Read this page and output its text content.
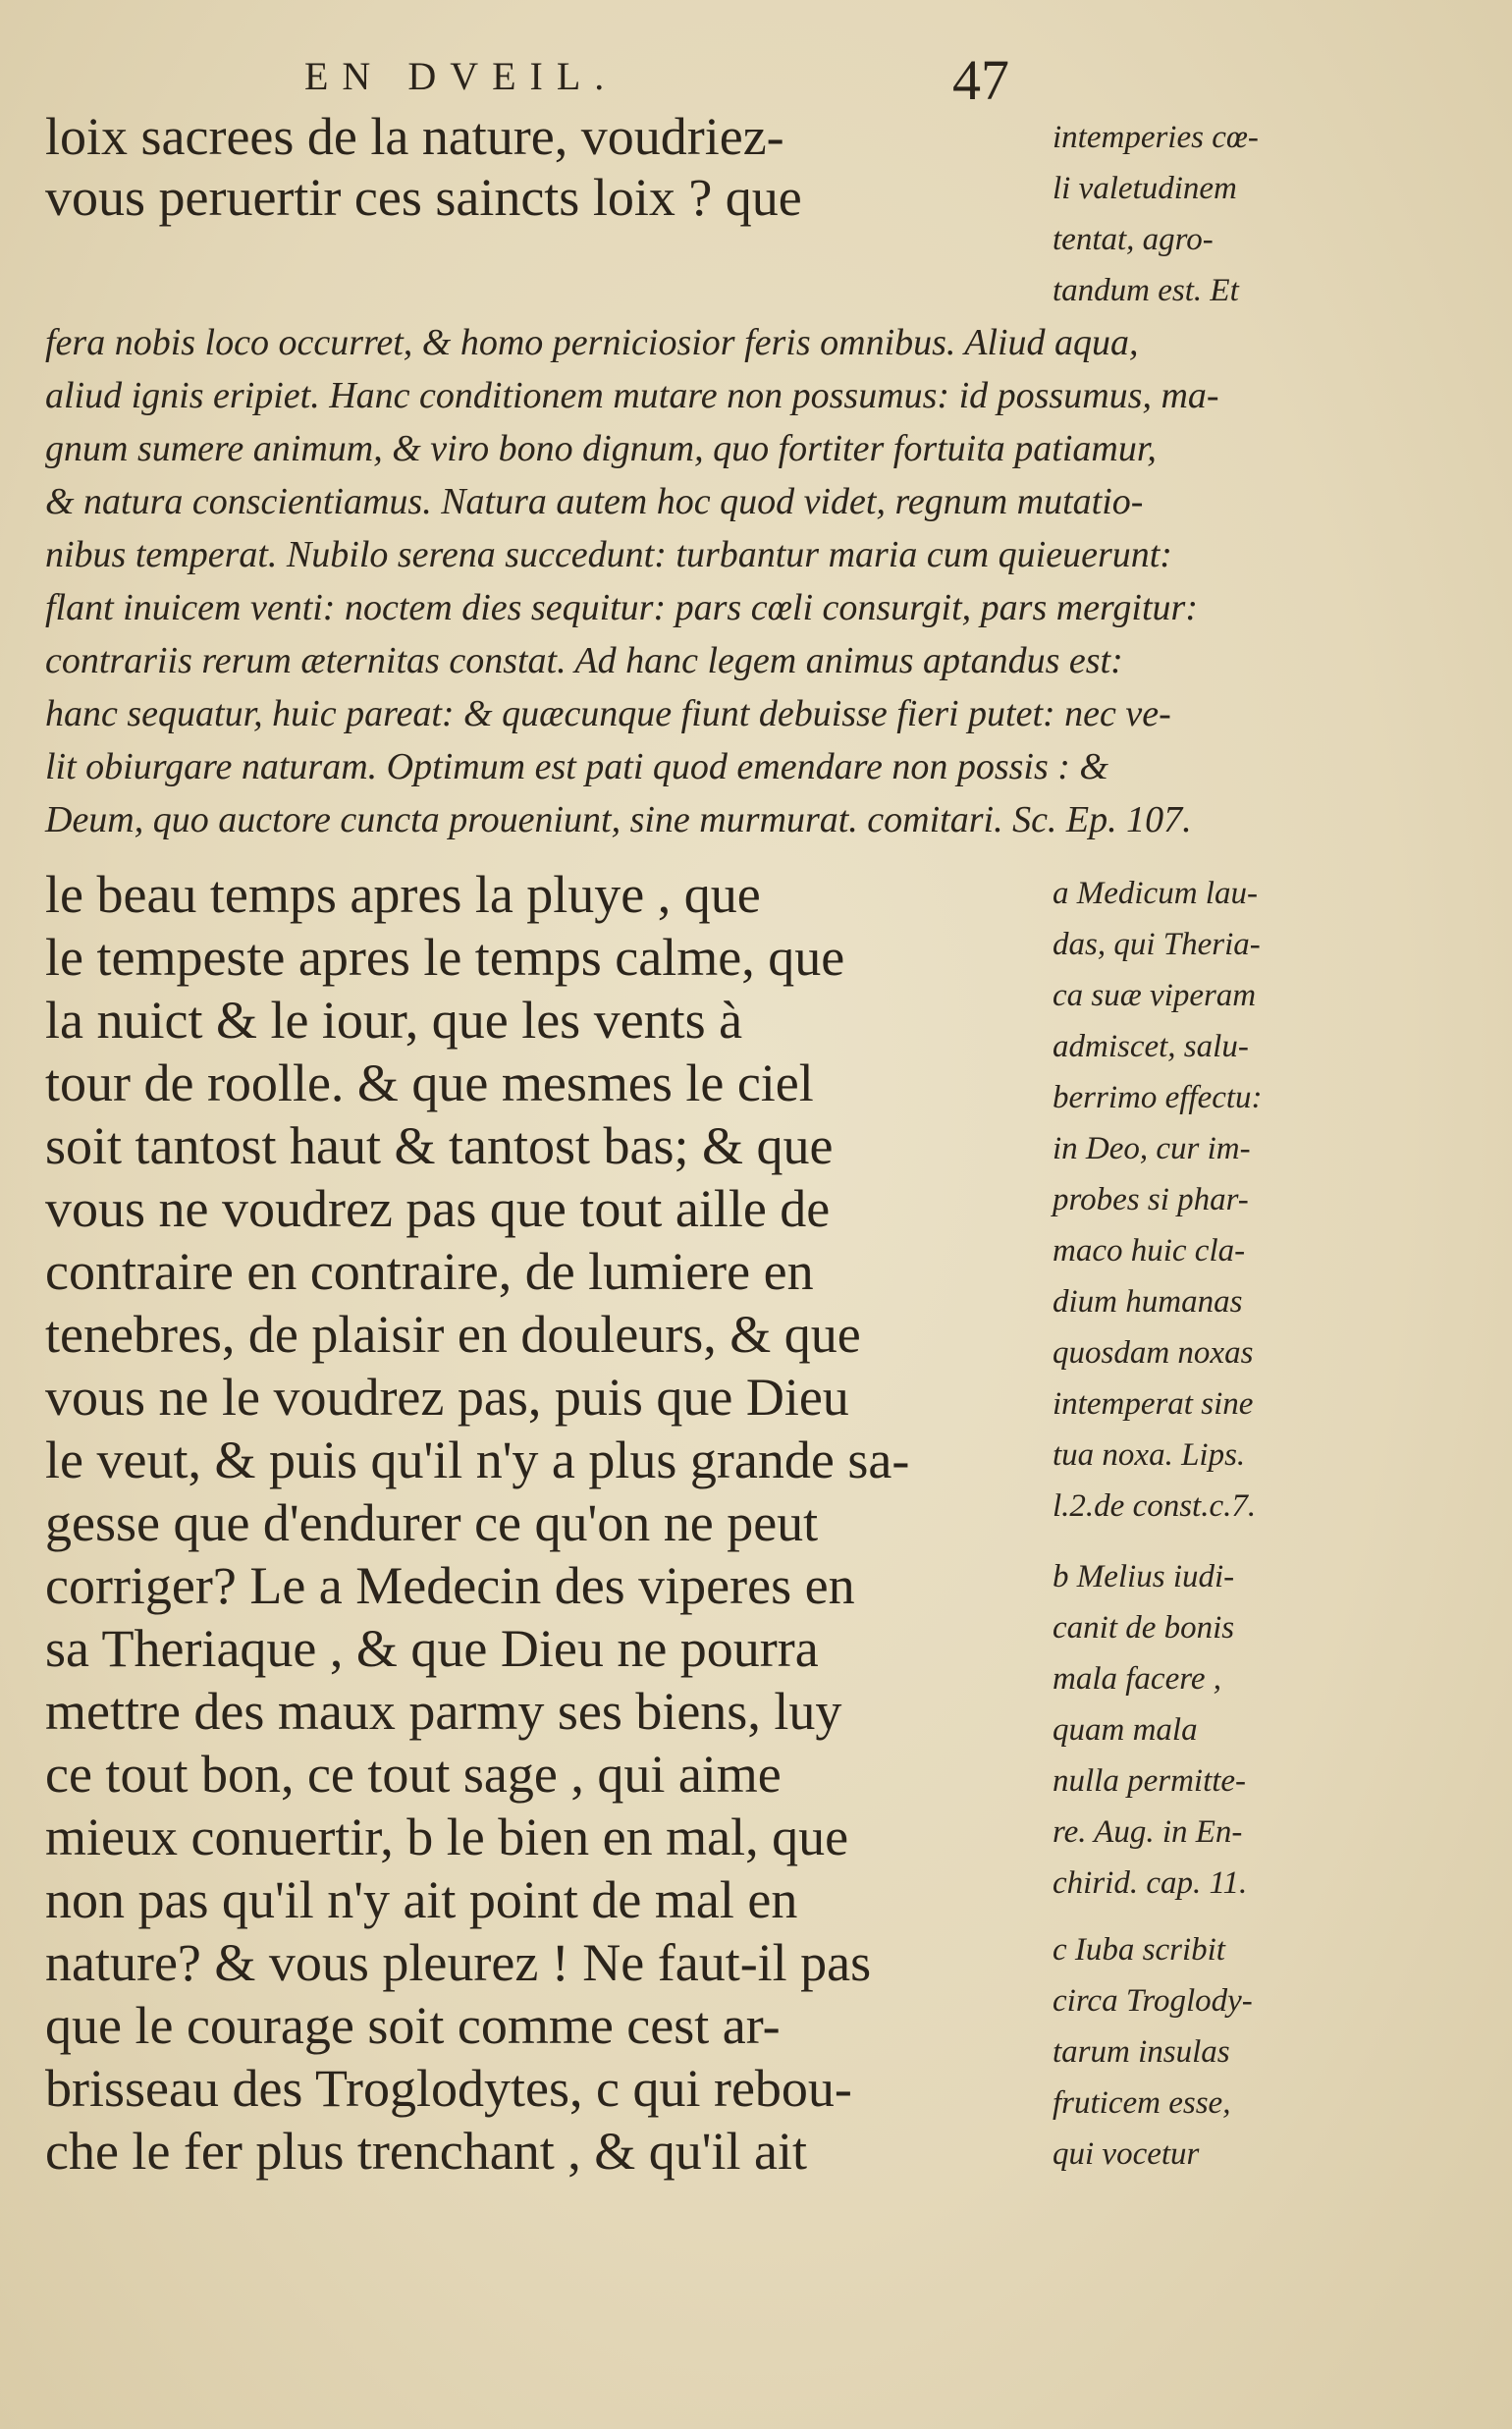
EN DVEIL.	47
loix sacrees de la nature, voudriez-
vous peruertir ces saincts loix ? que
intemperies cœ-
li valetudinem
tentat, agro-
tandum est. Et
fera nobis loco occurret, & homo perniciosior feris omnibus. Aliud aqua,
aliud ignis eripiet. Hanc conditionem mutare non possumus: id possumus, ma-
gnum sumere animum, & viro bono dignum, quo fortiter fortuita patiamur,
& natura conscientiamus. Natura autem hoc quod videt, regnum mutatio-
nibus temperat. Nubilo serena succedunt: turbantur maria cum quieuerunt:
flant inuicem venti: noctem dies sequitur: pars cœli consurgit, pars mergitur:
contrariis rerum æternitas constat. Ad hanc legem animus aptandus est:
hanc sequatur, huic pareat: & quæcunque fiunt debuisse fieri putet: nec ve-
lit obiurgare naturam. Optimum est pati quod emendare non possis : &
Deum, quo auctore cuncta proueniunt, sine murmurat. comitari. Sc. Ep. 107.
le beau temps apres la pluye , que
le tempeste apres le temps calme, que
la nuict & le iour, que les vents à
tour de roolle. & que mesmes le ciel
soit tantost haut & tantost bas; & que
vous ne voudrez pas que tout aille de
contraire en contraire, de lumiere en
tenebres, de plaisir en douleurs, & que
vous ne le voudrez pas, puis que Dieu
le veut, & puis qu'il n'y a plus grande sa-
gesse que d'endurer ce qu'on ne peut
corriger? Le a Medecin des viperes en
sa Theriaque , & que Dieu ne pourra
mettre des maux parmy ses biens, luy
ce tout bon, ce tout sage , qui aime
mieux conuertir, b le bien en mal, que
non pas qu'il n'y ait point de mal en
nature? & vous pleurez ! Ne faut-il pas
que le courage soit comme cest ar-
brisseau des Troglodytes, c qui rebou-
che le fer plus trenchant , & qu'il ait
a Medicum lau-
das, qui Theria-
ca suæ viperam
admiscet, salu-
berrimo effectu:
in Deo, cur im-
probes si phar-
maco huic cla-
dium humanas
quosdam noxas
intemperat sine
tua noxa. Lips.
l.2.de const.c.7.
b Melius iudi-
canit de bonis
mala facere ,
quam mala
nulla permitte-
re. Aug. in En-
chirid. cap. 11.
c Iuba scribit
circa Troglody-
tarum insulas
fruticem esse,
qui vocetur
